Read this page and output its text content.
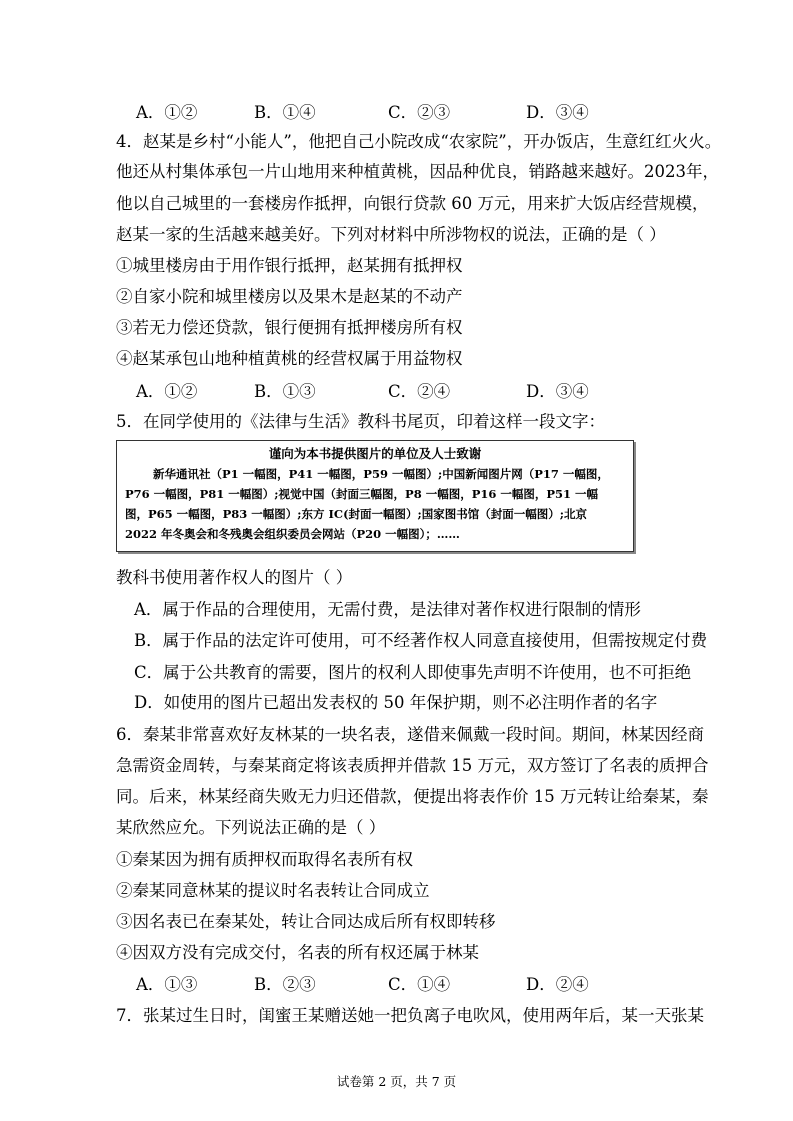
A．①②	B．①④	C．②③	D．③④
4．赵某是乡村“小能人”，他把自己小院改成“农家院”，开办饭店，生意红红火火。
他还从村集体承包一片山地用来种植黄桃，因品种优良，销路越来越好。2023年，
他以自己城里的一套楼房作抵押，向银行贷款 60 万元，用来扩大饭店经营规模，
赵某一家的生活越来越美好。下列对材料中所涉物权的说法，正确的是（ ）
①城里楼房由于用作银行抵押，赵某拥有抵押权
②自家小院和城里楼房以及果木是赵某的不动产
③若无力偿还贷款，银行便拥有抵押楼房所有权
④赵某承包山地种植黄桃的经营权属于用益物权
A．①②	B．①③	C．②④	D．③④
5．在同学使用的《法律与生活》教科书尾页，印着这样一段文字：
谨向为本书提供图片的单位及人士致谢
新华通讯社（P1 一幅图，P41 一幅图，P59 一幅图）;中国新闻图片网（P17 一幅图，
P76 一幅图，P81 一幅图）;视觉中国（封面三幅图，P8 一幅图，P16 一幅图，P51 一幅
图，P65 一幅图，P83 一幅图）;东方 IC(封面一幅图）;国家图书馆（封面一幅图）;北京
2022 年冬奥会和冬残奥会组织委员会网站（P20 一幅图）；……
教科书使用著作权人的图片（ ）
A．属于作品的合理使用，无需付费，是法律对著作权进行限制的情形
B．属于作品的法定许可使用，可不经著作权人同意直接使用，但需按规定付费
C．属于公共教育的需要，图片的权利人即使事先声明不许使用，也不可拒绝
D．如使用的图片已超出发表权的 50 年保护期，则不必注明作者的名字
6．秦某非常喜欢好友林某的一块名表，遂借来佩戴一段时间。期间，林某因经商
急需资金周转，与秦某商定将该表质押并借款 15 万元，双方签订了名表的质押合
同。后来，林某经商失败无力归还借款，便提出将表作价 15 万元转让给秦某，秦
某欣然应允。下列说法正确的是（ ）
①秦某因为拥有质押权而取得名表所有权
②秦某同意林某的提议时名表转让合同成立
③因名表已在秦某处，转让合同达成后所有权即转移
④因双方没有完成交付，名表的所有权还属于林某
A．①③	B．②③	C．①④	D．②④
7．张某过生日时，闺蜜王某赠送她一把负离子电吹风，使用两年后，某一天张某
试卷第 2 页，共 7 页
